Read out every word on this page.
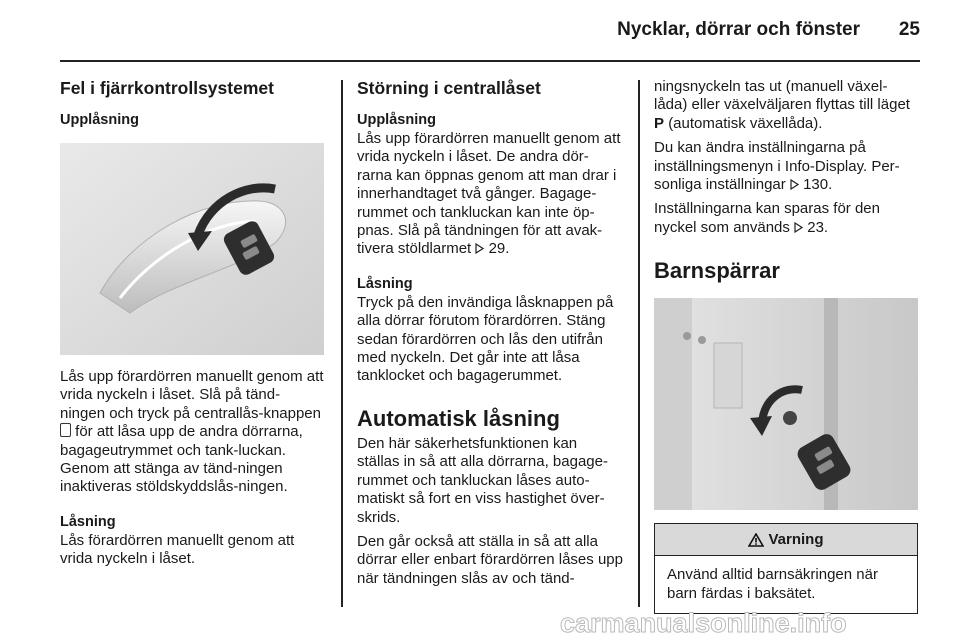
Nycklar, dörrar och fönster	25
Fel i fjärrkontrollsystemet
Upplåsning

Lås upp förardörren manuellt genom att vrida nyckeln i låset. Slå på tänd-ningen och tryck på centrallås-knappen  för att låsa upp de andra dörrarna, bagageutrymmet och tank-luckan. Genom att stänga av tänd-ningen inaktiveras stöldskyddslås-ningen.

Låsning

Lås förardörren manuellt genom att vrida nyckeln i låset.

Störning i centrallåset
Upplåsning

Lås upp förardörren manuellt genom att vrida nyckeln i låset. De andra dör-rarna kan öppnas genom att man drar i innerhandtaget två gånger. Bagage-rummet och tankluckan kan inte öp-pnas. Slå på tändningen för att avak-tivera stöldlarmet 29.

Låsning

Tryck på den invändiga låsknappen på alla dörrar förutom förardörren. Stäng sedan förardörren och lås den utifrån med nyckeln. Det går inte att låsa tanklocket och bagagerummet.

Automatisk låsning

Den här säkerhetsfunktionen kan ställas in så att alla dörrarna, bagage-rummet och tankluckan låses auto-matiskt så fort en viss hastighet över-skrids.

Den går också att ställa in så att alla dörrar eller enbart förardörren låses upp när tändningen slås av och tänd-

ningsnyckeln tas ut (manuell växel-låda) eller växelväljaren flyttas till läget P (automatisk växellåda).

Du kan ändra inställningarna på inställningsmenyn i Info-Display. Per-sonliga inställningar 130.

Inställningarna kan sparas för den nyckel som används 23.

Barnspärrar
Varning
Använd alltid barnsäkringen när barn färdas i baksätet.
carmanualsonline.info
